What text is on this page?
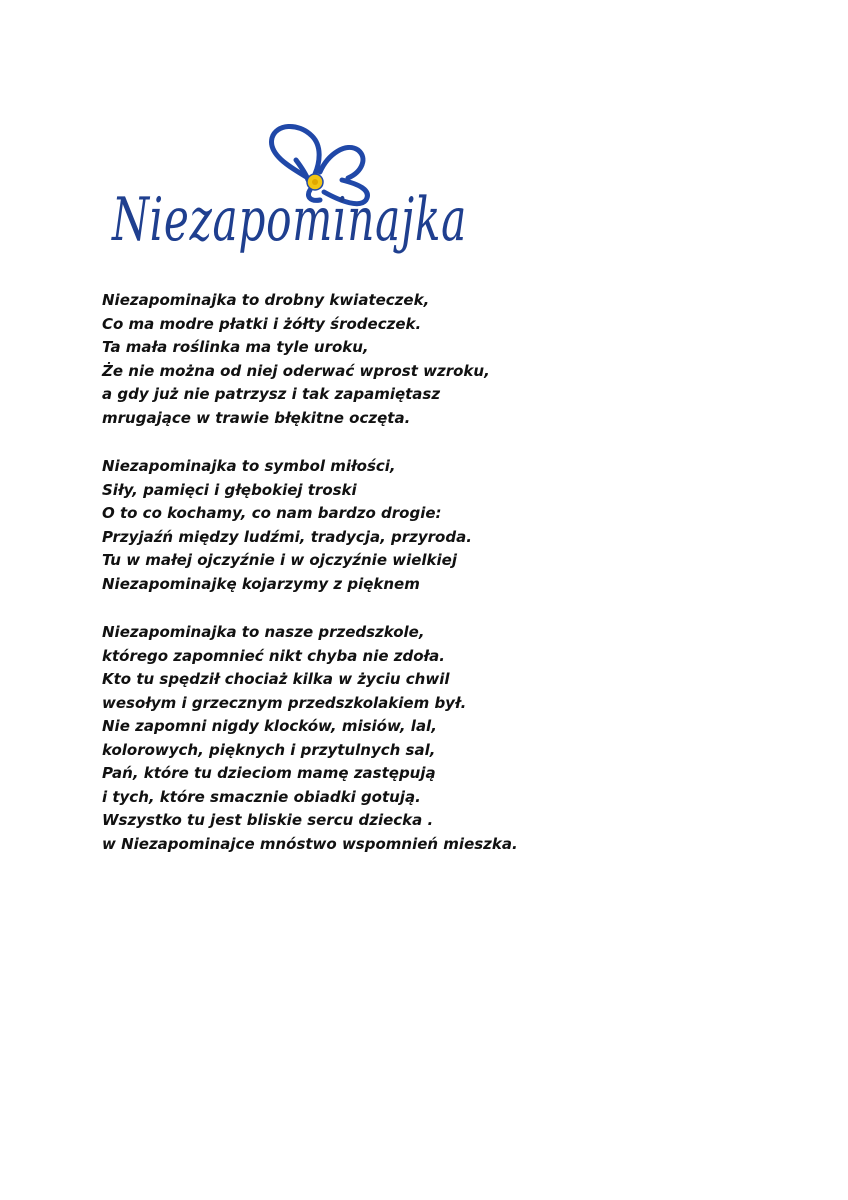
Niezapominajka
Niezapominajka to drobny kwiateczek,
Co ma modre płatki i żółty środeczek.
Ta mała roślinka ma tyle uroku,
Że nie można od niej oderwać wprost wzroku,
a gdy już nie patrzysz i tak zapamiętasz
mrugające w trawie błękitne oczęta.
Niezapominajka to symbol miłości,
Siły, pamięci i głębokiej troski
O to co kochamy, co nam bardzo drogie:
Przyjaźń między ludźmi, tradycja, przyroda.
Tu w małej ojczyźnie i w ojczyźnie wielkiej
Niezapominajkę kojarzymy z pięknem
Niezapominajka to nasze przedszkole,
którego zapomnieć nikt chyba nie zdoła.
Kto tu spędził chociaż kilka w życiu chwil
wesołym i grzecznym przedszkolakiem był.
Nie zapomni nigdy klocków, misiów, lal,
kolorowych, pięknych i przytulnych sal,
Pań, które tu dzieciom mamę zastępują
i tych, które smacznie obiadki gotują.
Wszystko tu jest bliskie sercu dziecka .
w Niezapominajce mnóstwo wspomnień mieszka.
